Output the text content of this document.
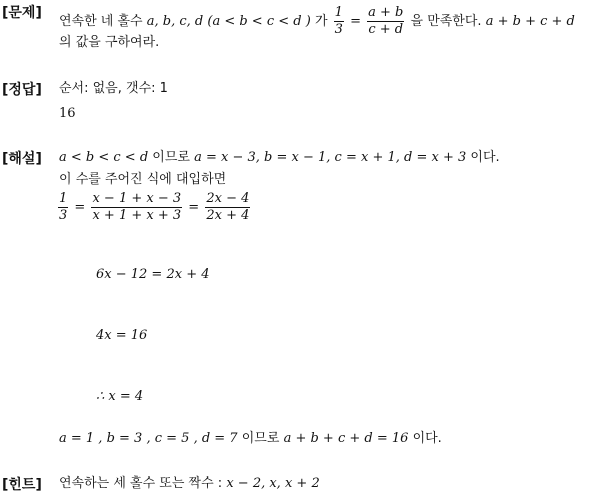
[문제]
연속한 네 홀수 a, b, c, d (a < b < c < d ) 가 $\frac{1}{3} = \frac{a + b}{c + d}$ 을 만족한다. a + b + c + d
의 값을 구하여라.
[정답] 순서: 없음, 갯수: 1
16
[해설] a < b < c < d 이므로 a = x − 3, b = x − 1, c = x + 1, d = x + 3 이다.
이 수를 주어진 식에 대입하면
$\frac{1}{3} = \frac{x - 1 + x - 3}{x + 1 + x + 3} = \frac{2x - 4}{2x + 4}$
6x − 12 = 2x + 4
4x = 16
∴ x = 4
a = 1 , b = 3 , c = 5 , d = 7 이므로 a + b + c + d = 16 이다.
[힌트] 연속하는 세 홀수 또는 짝수 : x − 2, x, x + 2
